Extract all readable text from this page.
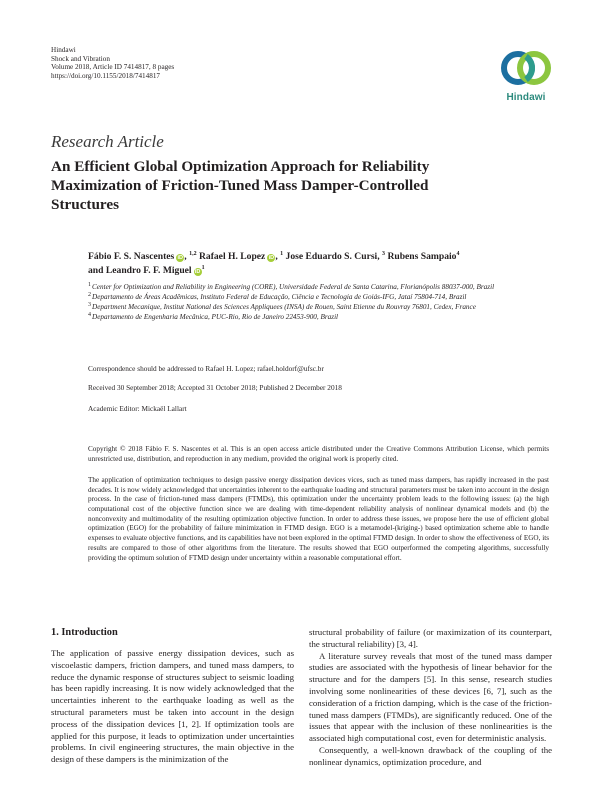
Hindawi
Shock and Vibration
Volume 2018, Article ID 7414817, 8 pages
https://doi.org/10.1155/2018/7414817
Hindawi
Research Article
An Efficient Global Optimization Approach for Reliability Maximization of Friction-Tuned Mass Damper-Controlled Structures
Fábio F. S. Nascentes iD, $^{1,2}$ Rafael H. Lopez iD, $^1$ Jose Eduardo S. Cursi, $^3$ Rubens Sampaio$^4$
and Leandro F. F. Miguel $iD^1$
1 Center for Optimization and Reliability in Engineering (CORE), Universidade Federal de Santa Catarina, Florianópolis 88037-000, Brazil
2 Departamento de Áreas Acadêmicas, Instituto Federal de Educação, Ciência e Tecnologia de Goiás-IFG, Jataí 75804-714, Brazil
3 Department Mecanique, Institut National des Sciences Appliquees (INSA) de Rouen, Saint Etienne du Rouvray 76801, Cedex, France
4 Departamento de Engenharia Mecânica, PUC-Rio, Rio de Janeiro 22453-900, Brazil
Correspondence should be addressed to Rafael H. Lopez; rafael.holdorf@ufsc.br
Received 30 September 2018; Accepted 31 October 2018; Published 2 December 2018
Academic Editor: Mickaël Lallart
Copyright © 2018 Fábio F. S. Nascentes et al. This is an open access article distributed under the Creative Commons Attribution License, which permits unrestricted use, distribution, and reproduction in any medium, provided the original work is properly cited.
The application of optimization techniques to design passive energy dissipation devices vices, such as tuned mass dampers, has rapidly increased in the past decades. It is now widely acknowledged that uncertainties inherent to the earthquake loading and structural parameters must be taken into account in the design process. In the case of friction-tuned mass dampers (FTMDs), this optimization under the uncertainty problem leads to the following issues: (a) the high computational cost of the objective function since we are dealing with time-dependent reliability analysis of nonlinear dynamical models and (b) the nonconvexity and multimodality of the resulting optimization objective function. In order to address these issues, we propose here the use of efficient global optimization (EGO) for the probability of failure minimization in FTMD design. EGO is a metamodel-(kriging-) based optimization scheme able to handle expenses to evaluate objective functions, and its capabilities have not been explored in the optimal FTMD design. In order to show the effectiveness of EGO, its results are compared to those of other algorithms from the literature. The results showed that EGO outperformed the competing algorithms, successfully providing the optimum solution of FTMD design under uncertainty within a reasonable computational effort.
1. Introduction

The application of passive energy dissipation devices, such as viscoelastic dampers, friction dampers, and tuned mass dampers, to reduce the dynamic response of structures subject to seismic loading has been rapidly increasing. It is now widely acknowledged that the uncertainties inherent to the earthquake loading as well as the structural parameters must be taken into account in the design process of the dissipation devices [1, 2]. If optimization tools are applied for this purpose, it leads to optimization under uncertainties problems. In civil engineering structures, the main objective in the design of these dampers is the minimization of the

structural probability of failure (or maximization of its counterpart, the structural reliability) [3, 4].

A literature survey reveals that most of the tuned mass damper studies are associated with the hypothesis of linear behavior for the structure and for the dampers [5]. In this sense, research studies involving some nonlinearities of these devices [6, 7], such as the consideration of a friction damping, which is the case of the friction-tuned mass dampers (FTMDs), are significantly reduced. One of the issues that appear with the inclusion of these nonlinearities is the associated high computational cost, even for deterministic analysis.

Consequently, a well-known drawback of the coupling of the nonlinear dynamics, optimization procedure, and
